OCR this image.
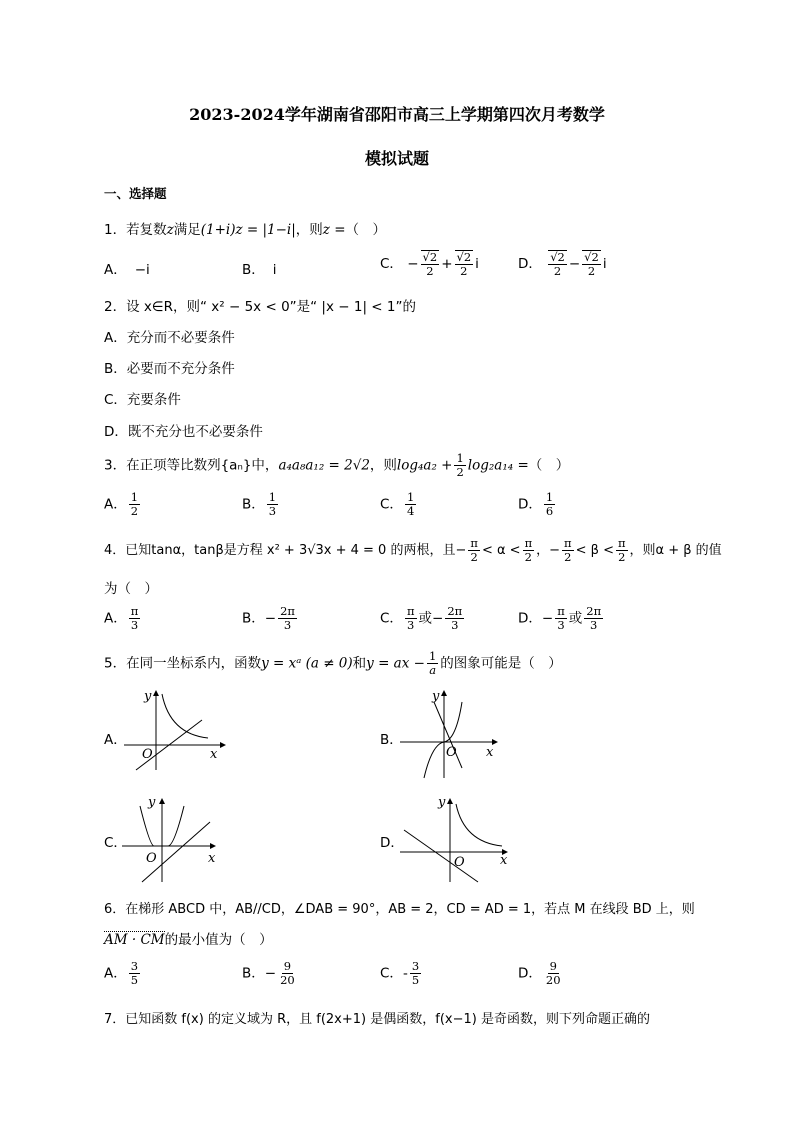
2023-2024学年湖南省邵阳市高三上学期第四次月考数学
模拟试题
一、选择题
1．若复数z满足(1+i)z = |1−i|，则z =（　）
A． −i	B． i	C． − $\frac{√2}{2} + \frac{√2}{2}$ i	D． $\frac{√2}{2} - \frac{√2}{2}$ i
2．设 x∈R，则“ x² − 5x < 0”是“ |x − 1| < 1”的
A．充分而不必要条件
B．必要而不充分条件
C．充要条件
D．既不充分也不必要条件
3．在正项等比数列{aₙ}中，a₄a₈a₁₂ = 2√2，则$\log_4a_2 + \frac{1}{2} \log_2a_{14}$ =（　）
A． $\frac{1}{2}$	B． $\frac{1}{3}$	C． $\frac{1}{4}$	D． $\frac{1}{6}$
4．已知tanα，tanβ是方程 x² + 3√3x + 4 = 0 的两根，且− $\frac{\pi}{2} < \alpha < \frac{\pi}{2}$ ，− $\frac{\pi}{2} < \beta < \frac{\pi}{2}$ ，则α + β 的值
为（　）
A． $\frac{\pi}{3}$	B．− $\frac{2\pi}{3}$	C． $\frac{\pi}{3}$ 或− $\frac{2\pi}{3}$	D．− $\frac{\pi}{3}$ 或 $\frac{2\pi}{3}$
5．在同一坐标系内，函数y = xᵃ (a ≠ 0)和y = ax − $\frac{1}{a}$ 的图象可能是（　）
A．
x
y
O
B．
x
y
O
C．
x
y
O
D．
x
y
O
6．在梯形 ABCD 中，AB//CD，∠DAB = 90°，AB = 2，CD = AD = 1，若点 M 在线段 BD 上，则
AM · CM的最小值为（　）
A． $\frac{3}{5}$	B．− $\frac{9}{20}$	C．- $\frac{3}{5}$	D． $\frac{9}{20}$
7．已知函数 f(x) 的定义域为 R，且 f(2x+1) 是偶函数，f(x−1) 是奇函数，则下列命题正确的
